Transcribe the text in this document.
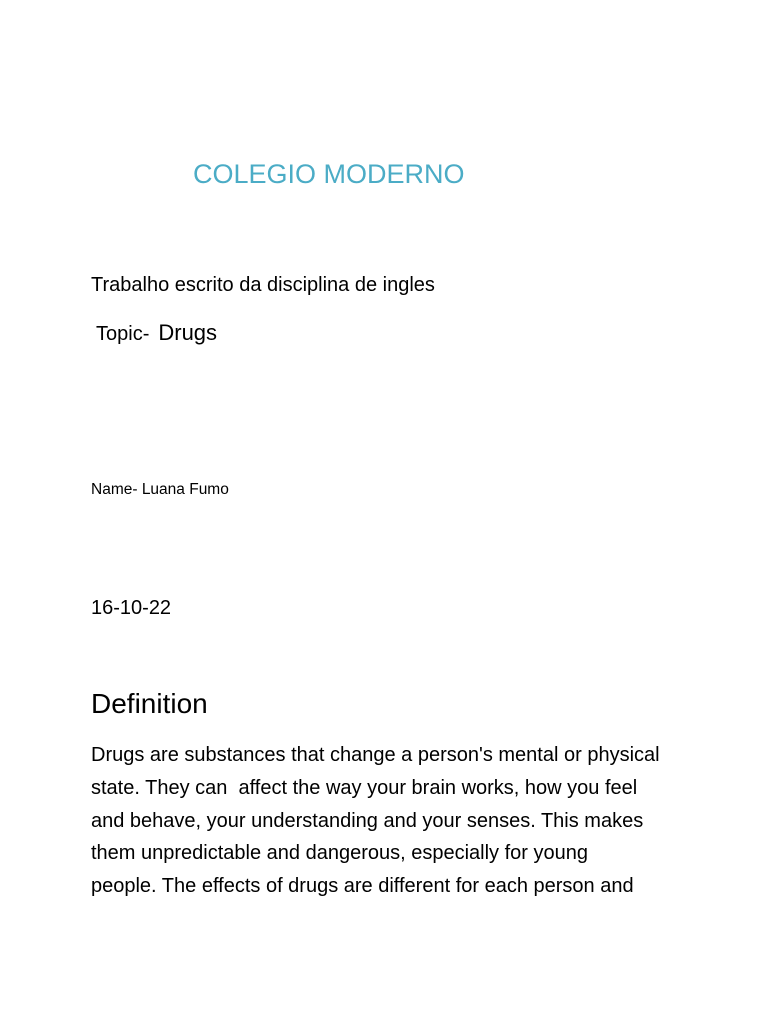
COLEGIO MODERNO
Trabalho escrito da disciplina de ingles
Topic- Drugs
Name- Luana Fumo
16-10-22
Definition
Drugs are substances that change a person's mental or physical
state. They can  affect the way your brain works, how you feel
and behave, your understanding and your senses. This makes
them unpredictable and dangerous, especially for young
people. The effects of drugs are different for each person and
